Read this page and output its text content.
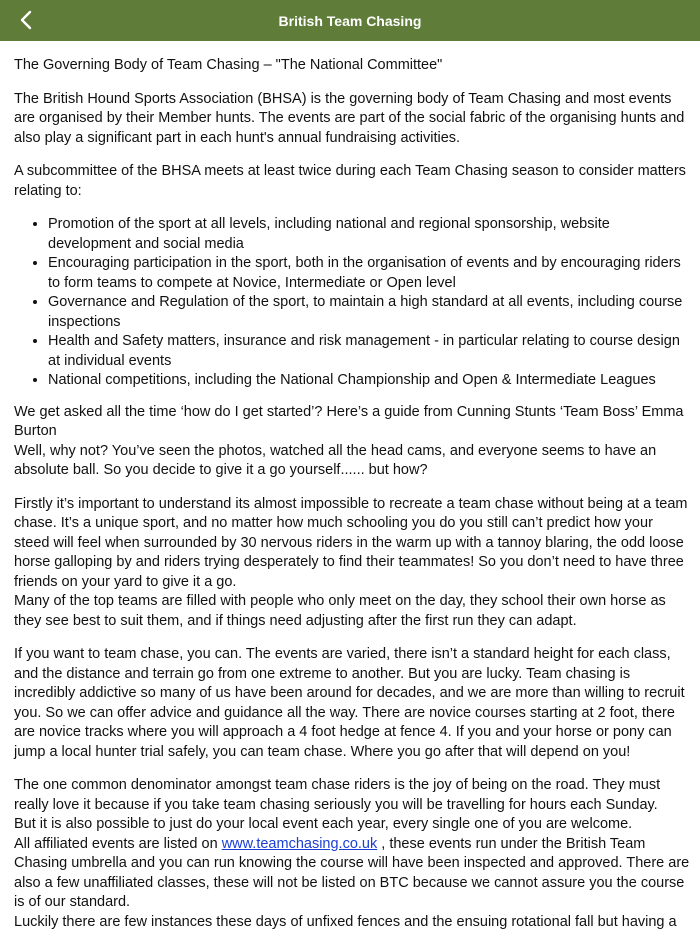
British Team Chasing

The Governing Body of Team Chasing – "The National Committee"

The British Hound Sports Association (BHSA) is the governing body of Team Chasing and most events are organised by their Member hunts. The events are part of the social fabric of the organising hunts and also play a significant part in each hunt's annual fundraising activities.

A subcommittee of the BHSA meets at least twice during each Team Chasing season to consider matters relating to:

• Promotion of the sport at all levels, including national and regional sponsorship, website development and social media
• Encouraging participation in the sport, both in the organisation of events and by encouraging riders to form teams to compete at Novice, Intermediate or Open level
• Governance and Regulation of the sport, to maintain a high standard at all events, including course inspections
• Health and Safety matters, insurance and risk management - in particular relating to course design at individual events
• National competitions, including the National Championship and Open & Intermediate Leagues

We get asked all the time ‘how do I get started’? Here’s a guide from Cunning Stunts ‘Team Boss’ Emma Burton

Well, why not? You’ve seen the photos, watched all the head cams, and everyone seems to have an absolute ball. So you decide to give it a go yourself...... but how?

Firstly it’s important to understand its almost impossible to recreate a team chase without being at a team chase. It’s a unique sport, and no matter how much schooling you do you still can’t predict how your steed will feel when surrounded by 30 nervous riders in the warm up with a tannoy blaring, the odd loose horse galloping by and riders trying desperately to find their teammates! So you don’t need to have three friends on your yard to give it a go.

Many of the top teams are filled with people who only meet on the day, they school their own horse as they see best to suit them, and if things need adjusting after the first run they can adapt.

If you want to team chase, you can. The events are varied, there isn’t a standard height for each class, and the distance and terrain go from one extreme to another. But you are lucky. Team chasing is incredibly addictive so many of us have been around for decades, and we are more than willing to recruit you. So we can offer advice and guidance all the way. There are novice courses starting at 2 foot, there are novice tracks where you will approach a 4 foot hedge at fence 4. If you and your horse or pony can jump a local hunter trial safely, you can team chase. Where you go after that will depend on you!

The one common denominator amongst team chase riders is the joy of being on the road. They must really love it because if you take team chasing seriously you will be travelling for hours each Sunday.

But it is also possible to just do your local event each year, every single one of you are welcome.

All affiliated events are listed on www.teamchasing.co.uk , these events run under the British Team Chasing umbrella and you can run knowing the course will have been inspected and approved. There are also a few unaffiliated classes, these will not be listed on BTC because we cannot assure you the course is of our standard.

Luckily there are few instances these days of unfixed fences and the ensuing rotational fall but having a
